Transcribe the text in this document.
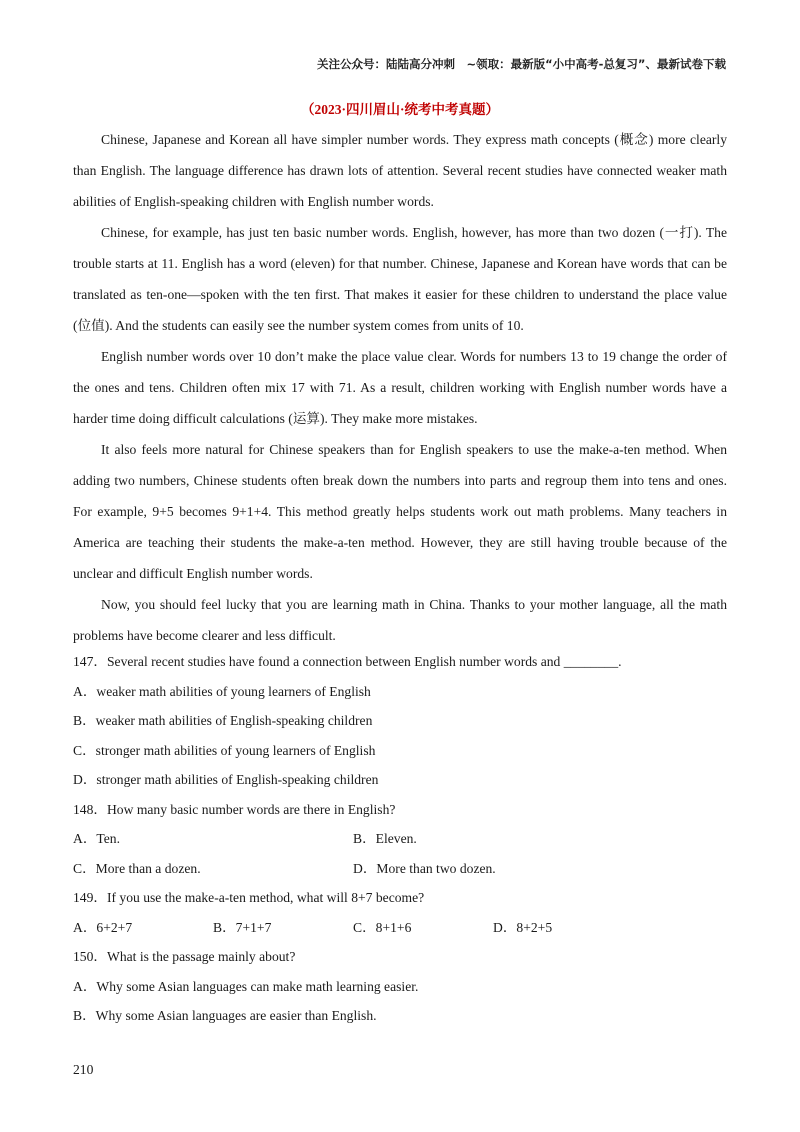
关注公众号：陆陆高分冲刺　~领取：最新版“小中高考-总复习”、最新试卷下载
（2023·四川眉山·统考中考真题）

Chinese, Japanese and Korean all have simpler number words. They express math concepts (概念) more clearly than English. The language difference has drawn lots of attention. Several recent studies have connected weaker math abilities of English-speaking children with English number words.

Chinese, for example, has just ten basic number words. English, however, has more than two dozen (一打). The trouble starts at 11. English has a word (eleven) for that number. Chinese, Japanese and Korean have words that can be translated as ten-one—spoken with the ten first. That makes it easier for these children to understand the place value (位值). And the students can easily see the number system comes from units of 10.

English number words over 10 don’t make the place value clear. Words for numbers 13 to 19 change the order of the ones and tens. Children often mix 17 with 71. As a result, children working with English number words have a harder time doing difficult calculations (运算). They make more mistakes.

It also feels more natural for Chinese speakers than for English speakers to use the make-a-ten method. When adding two numbers, Chinese students often break down the numbers into parts and regroup them into tens and ones. For example, 9+5 becomes 9+1+4. This method greatly helps students work out math problems. Many teachers in America are teaching their students the make-a-ten method. However, they are still having trouble because of the unclear and difficult English number words.

Now, you should feel lucky that you are learning math in China. Thanks to your mother language, all the math problems have become clearer and less difficult.

147．Several recent studies have found a connection between English number words and ________.

A．weaker math abilities of young learners of English

B．weaker math abilities of English-speaking children

C．stronger math abilities of young learners of English

D．stronger math abilities of English-speaking children

148．How many basic number words are there in English?

A．Ten.	B．Eleven.
C．More than a dozen.	D．More than two dozen.

149．If you use the make-a-ten method, what will 8+7 become?

A．6+2+7	B．7+1+7	C．8+1+6	D．8+2+5

150．What is the passage mainly about?

A．Why some Asian languages can make math learning easier.

B．Why some Asian languages are easier than English.

210
